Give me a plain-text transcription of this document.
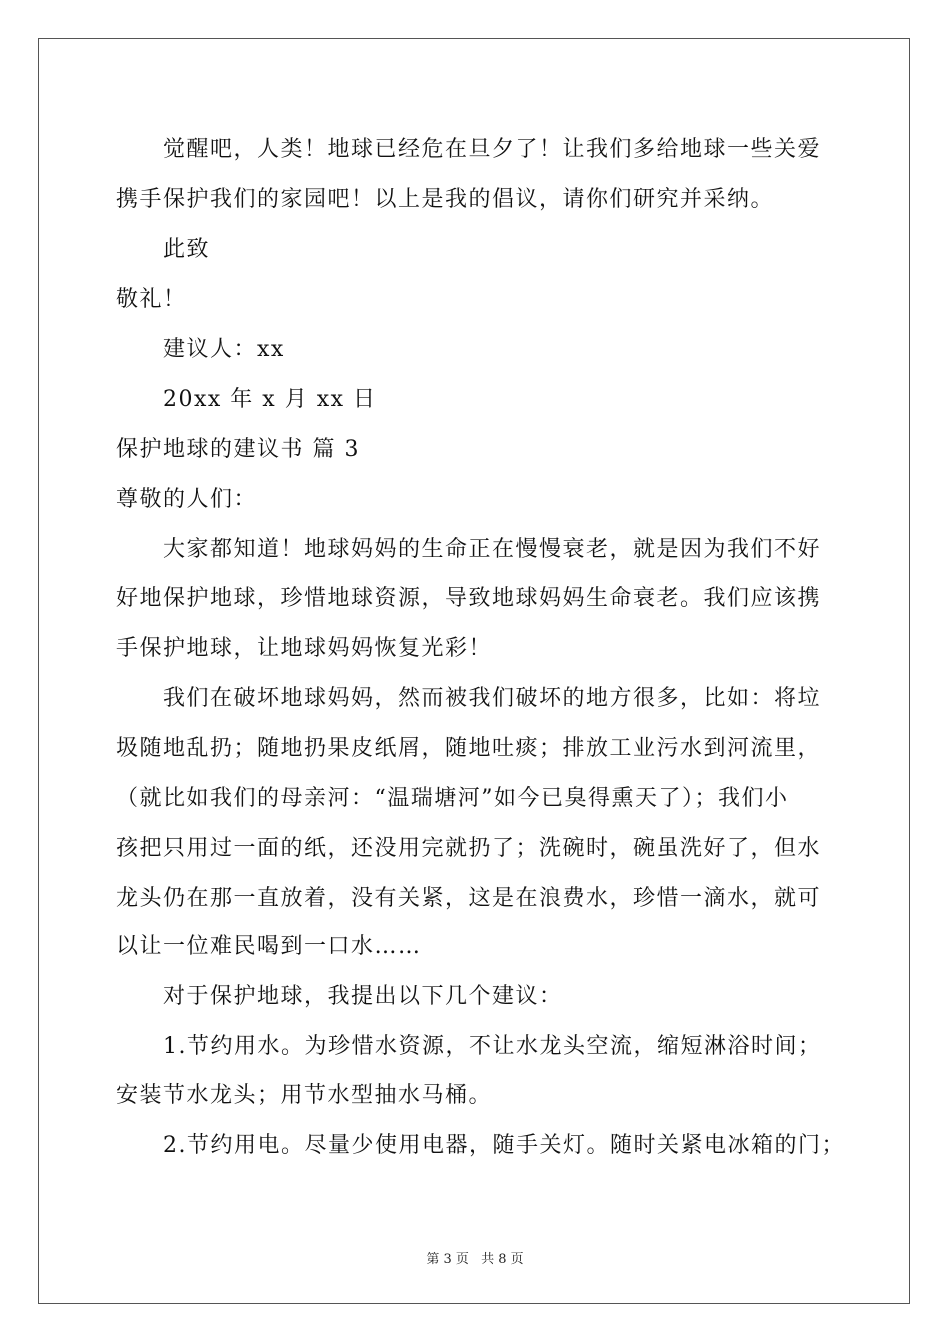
觉醒吧，人类！地球已经危在旦夕了！让我们多给地球一些关爱
携手保护我们的家园吧！以上是我的倡议，请你们研究并采纳。
此致
敬礼！
建议人：xx
20xx 年 x 月 xx 日
保护地球的建议书 篇 3
尊敬的人们：
大家都知道！地球妈妈的生命正在慢慢衰老，就是因为我们不好
好地保护地球，珍惜地球资源，导致地球妈妈生命衰老。我们应该携
手保护地球，让地球妈妈恢复光彩！
我们在破坏地球妈妈，然而被我们破坏的地方很多，比如：将垃
圾随地乱扔；随地扔果皮纸屑，随地吐痰；排放工业污水到河流里，
（就比如我们的母亲河：“温瑞塘河”如今已臭得熏天了）；我们小
孩把只用过一面的纸，还没用完就扔了；洗碗时，碗虽洗好了，但水
龙头仍在那一直放着，没有关紧，这是在浪费水，珍惜一滴水，就可
以让一位难民喝到一口水……
对于保护地球，我提出以下几个建议：
1.节约用水。为珍惜水资源，不让水龙头空流，缩短淋浴时间；
安装节水龙头；用节水型抽水马桶。
2.节约用电。尽量少使用电器，随手关灯。随时关紧电冰箱的门；
第 3 页 共 8 页
